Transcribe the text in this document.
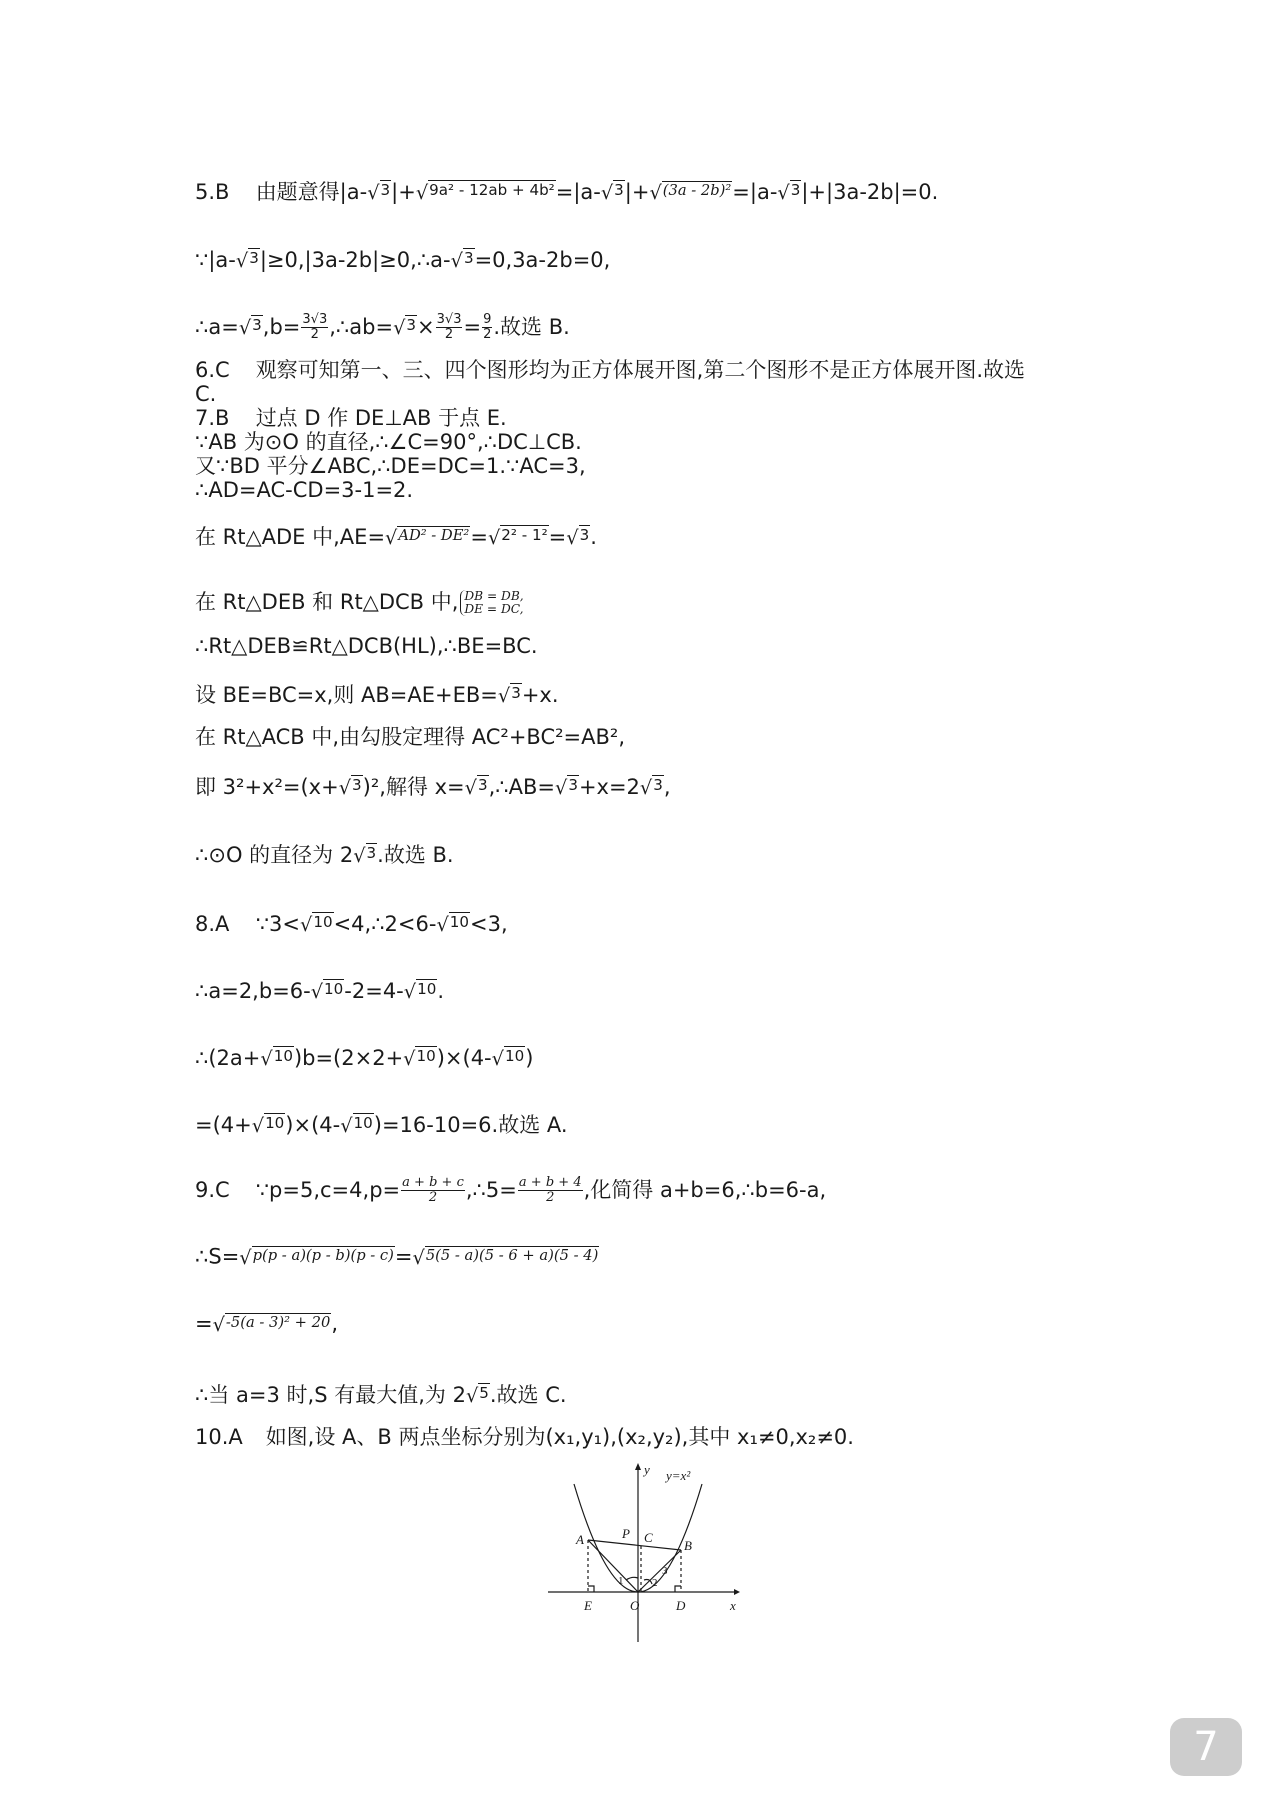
5.B 由题意得|a-√3|+√9a² - 12ab + 4b²=|a-√3|+√(3a - 2b)²=|a-√3|+|3a-2b|=0.
∵|a-√3|≥0,|3a-2b|≥0,∴a-√3=0,3a-2b=0,
∴a=√3,b= $\frac{3√3}{2}$ ,∴ab=√3× $\frac{3√3}{2} = \frac{9}{2}$ .故选 B.
6.C 观察可知第一、三、四个图形均为正方体展开图,第二个图形不是正方体展开图.故选
C.
7.B 过点 D 作 DE⊥AB 于点 E.
∵AB 为⊙O 的直径,∴∠C=90°,∴DC⊥CB.
又∵BD 平分∠ABC,∴DE=DC=1.∵AC=3,
∴AD=AC-CD=3-1=2.
在 Rt△ADE 中,AE=√AD² - DE²=√2² - 1²=√3.
在 Rt△DEB 和 Rt△DCB 中, DB = DB,
DE = DC,
∴Rt△DEB≌Rt△DCB(HL),∴BE=BC.
设 BE=BC=x,则 AB=AE+EB=√3+x.
在 Rt△ACB 中,由勾股定理得 AC²+BC²=AB²,
即 3²+x²=(x+√3)²,解得 x=√3,∴AB=√3+x=2√3,
∴⊙O 的直径为 2√3.故选 B.
8.A ∵3<√10<4,∴2<6-√10<3,
∴a=2,b=6-√10-2=4-√10.
∴(2a+√10)b=(2×2+√10)×(4-√10)
=(4+√10)×(4-√10)=16-10=6.故选 A.
9.C ∵p=5,c=4,p= $\frac{a + b + c}{2}$ ,∴5= $\frac{a + b + 4}{2}$ ,化简得 a+b=6,∴b=6-a,
∴S=√p(p - a)(p - b)(p - c)=√5(5 - a)(5 - 6 + a)(5 - 4)
=√-5(a - 3)² + 20,
∴当 a=3 时,S 有最大值,为 2√5.故选 C.
10.A 如图,设 A、B 两点坐标分别为(x₁,y₁),(x₂,y₂),其中 x₁≠0,x₂≠0.
y=x²
y
x
A	B
P C
E	O	D
1	2
3
7
